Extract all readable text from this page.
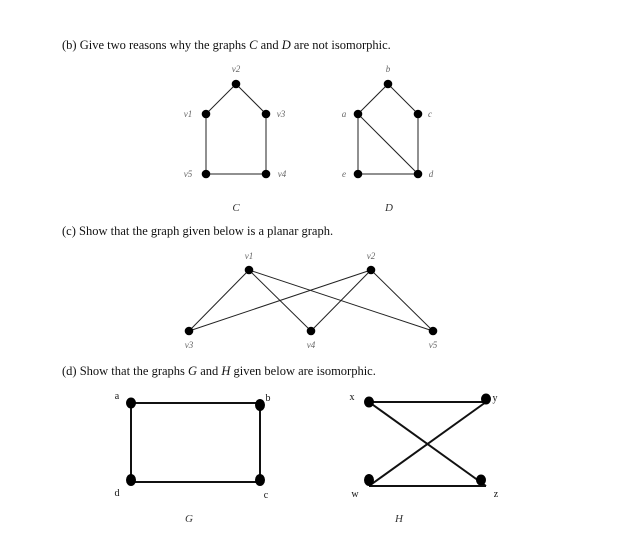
(b) Give two reasons why the graphs C and D are not isomorphic.
(c) Show that the graph given below is a planar graph.
(d) Show that the graphs G and H given below are isomorphic.
v2
v1	v3
v5	v4
C
b
a	c
e	d
D
v1	v2
v3	v4	v5
a	b
d	c
G
x	y
w	z
H
